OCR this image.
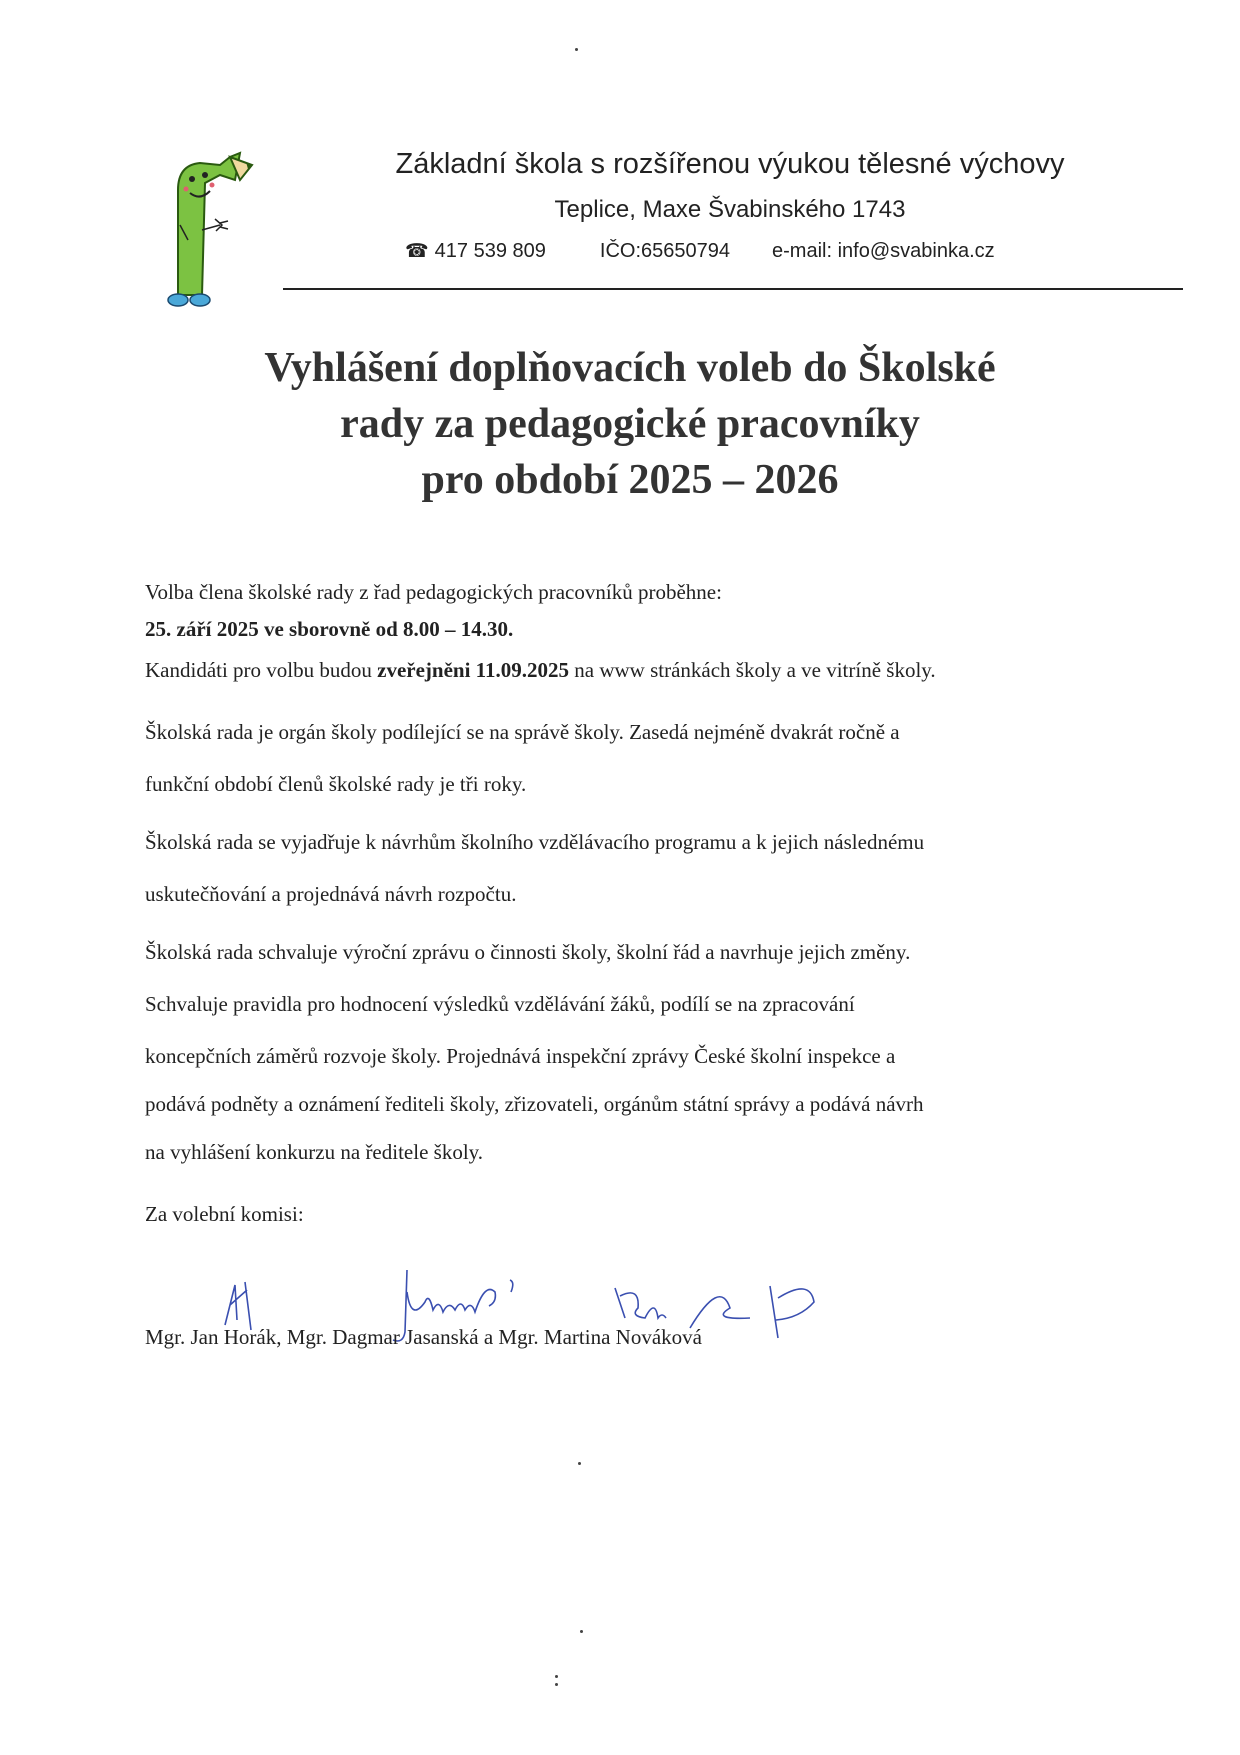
Základní škola s rozšířenou výukou tělesné výchovy
Teplice, Maxe Švabinského 1743
☎ 417 539 809	IČO:65650794 e-mail: info@svabinka.cz
Vyhlášení doplňovacích voleb do Školské
rady za pedagogické pracovníky
pro období 2025 – 2026
Volba člena školské rady z řad pedagogických pracovníků proběhne:
25. září 2025 ve sborovně od 8.00 – 14.30.
Kandidáti pro volbu budou zveřejněni 11.09.2025 na www stránkách školy a ve vitríně školy.
Školská rada je orgán školy podílející se na správě školy. Zasedá nejméně dvakrát ročně a
funkční období členů školské rady je tři roky.
Školská rada se vyjadřuje k návrhům školního vzdělávacího programu a k jejich následnému
uskutečňování a projednává návrh rozpočtu.
Školská rada schvaluje výroční zprávu o činnosti školy, školní řád a navrhuje jejich změny.
Schvaluje pravidla pro hodnocení výsledků vzdělávání žáků, podílí se na zpracování
koncepčních záměrů rozvoje školy. Projednává inspekční zprávy České školní inspekce a
podává podněty a oznámení řediteli školy, zřizovateli, orgánům státní správy a podává návrh
na vyhlášení konkurzu na ředitele školy.
Za volební komisi:
Mgr. Jan Horák, Mgr. Dagmar Jasanská a Mgr. Martina Nováková
